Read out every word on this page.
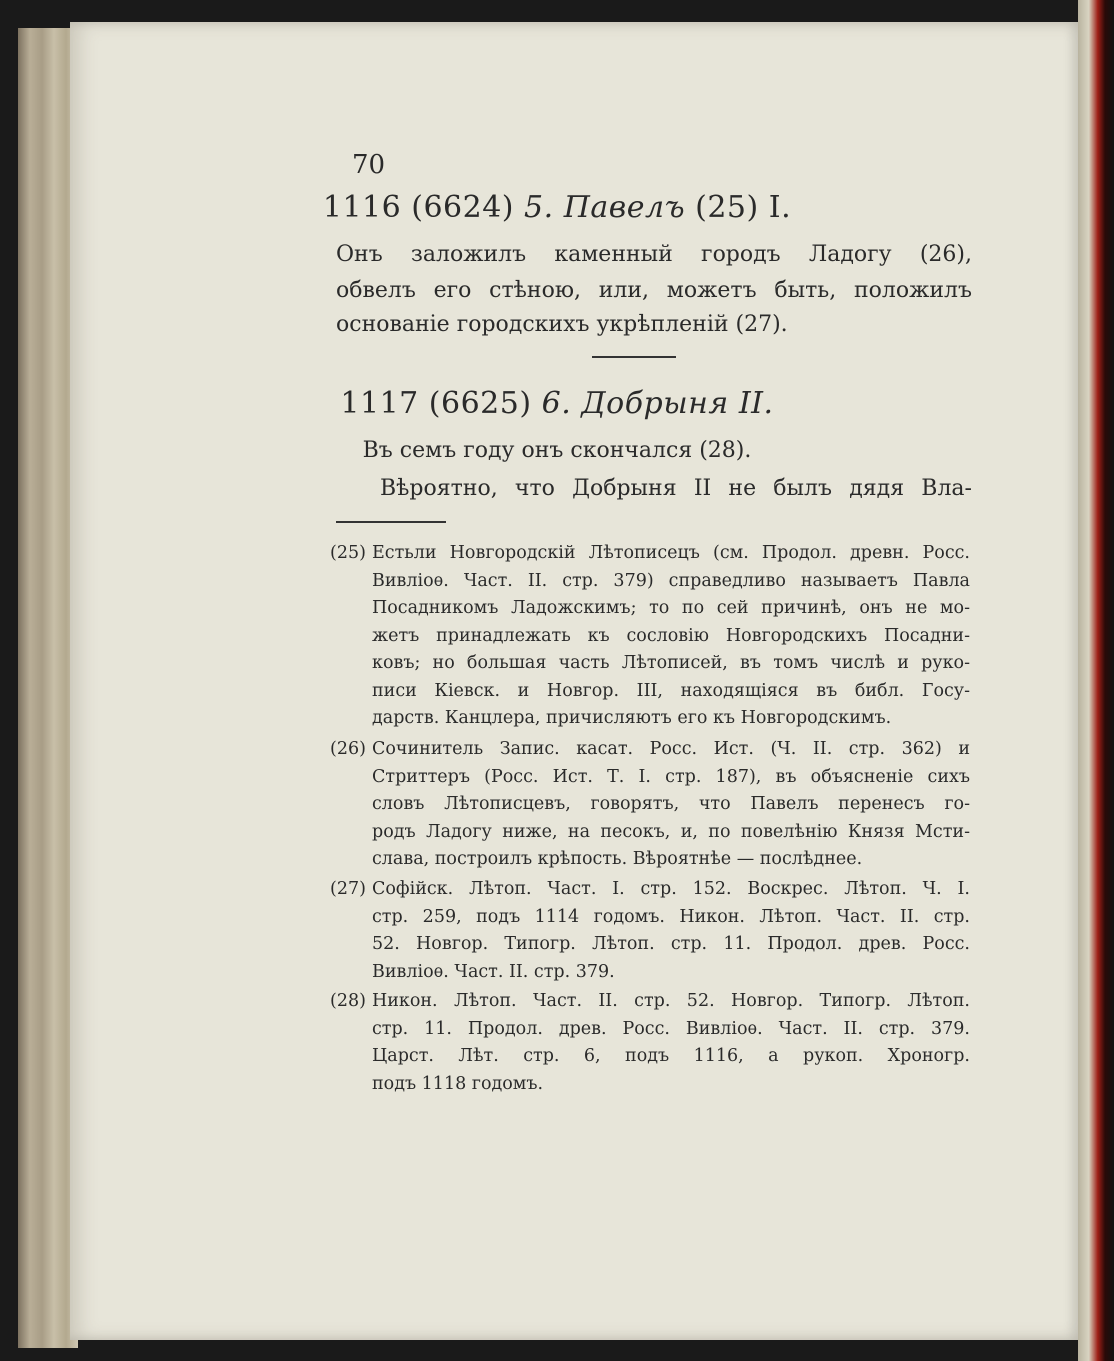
70
1116 (6624) 5. Павелъ (25) I.
Онъ заложилъ каменный городъ Ладогу (26),
обвелъ его стѣною, или, можетъ быть, положилъ
основаніе городскихъ укрѣпленій (27).
1117 (6625) 6. Добрыня II.
Въ семъ году онъ скончался (28).
Вѣроятно, что Добрыня II не былъ дядя Вла-
(25) Естьли Новгородскій Лѣтописецъ (см. Продол. древн. Росс.
Вивліоѳ. Част. II. стр. 379) справедливо называетъ Павла
Посадникомъ Ладожскимъ; то по сей причинѣ, онъ не мо-
жетъ принадлежать къ сословію Новгородскихъ Посадни-
ковъ; но большая часть Лѣтописей, въ томъ числѣ и руко-
писи Кіевск. и Новгор. III, находящіяся въ библ. Госу-
дарств. Канцлера, причисляютъ его къ Новгородскимъ.
(26) Сочинитель Запис. касат. Росс. Ист. (Ч. II. стр. 362) и
Стриттеръ (Росс. Ист. Т. I. стр. 187), въ объясненіе сихъ
словъ Лѣтописцевъ, говорятъ, что Павелъ перенесъ го-
родъ Ладогу ниже, на песокъ, и, по повелѣнію Князя Мсти-
слава, построилъ крѣпость. Вѣроятнѣе — послѣднее.
(27) Софійск. Лѣтоп. Част. I. стр. 152. Воскрес. Лѣтоп. Ч. I.
стр. 259, подъ 1114 годомъ. Никон. Лѣтоп. Част. II. стр.
52. Новгор. Типогр. Лѣтоп. стр. 11. Продол. древ. Росс.
Вивліоѳ. Част. II. стр. 379.
(28) Никон. Лѣтоп. Част. II. стр. 52. Новгор. Типогр. Лѣтоп.
стр. 11. Продол. древ. Росс. Вивліоѳ. Част. II. стр. 379.
Царст. Лѣт. стр. 6, подъ 1116, а рукоп. Хроногр.
подъ 1118 годомъ.
